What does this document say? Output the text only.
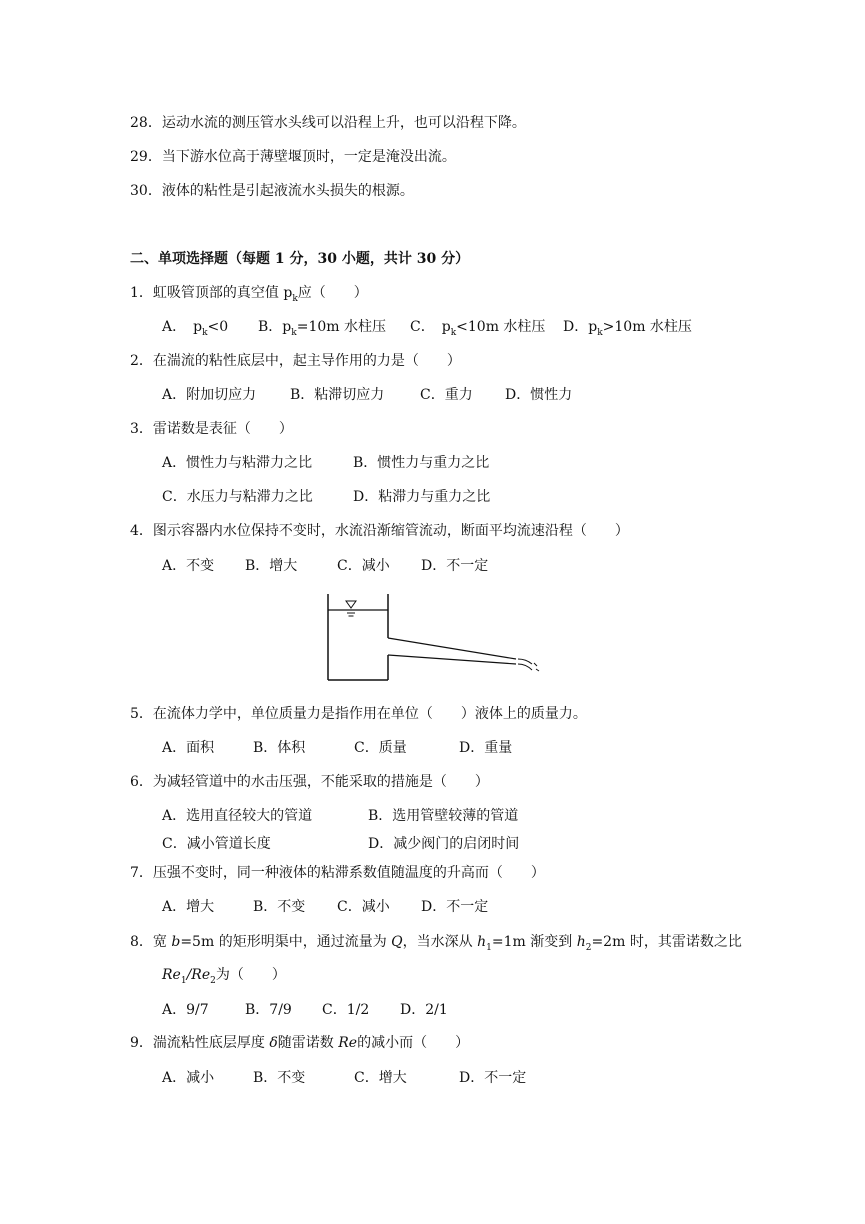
28．运动水流的测压管水头线可以沿程上升，也可以沿程下降。
29．当下游水位高于薄壁堰顶时，一定是淹没出流。
30．液体的粘性是引起液流水头损失的根源。
二、单项选择题（每题 1 分，30 小题，共计 30 分）
1．虹吸管顶部的真空值 $p_k$应（　　）
A．　$p_k<0$ B．$p_k=10m$ 水柱压 C．　$p_k<10m$ 水柱压 D．$p_k>10m$ 水柱压
2．在湍流的粘性底层中，起主导作用的力是（　　）
A．附加切应力 B．粘滞切应力	C．重力 D．惯性力
3．雷诺数是表征（　　）
A．惯性力与粘滞力之比	B．惯性力与重力之比
C．水压力与粘滞力之比	D．粘滞力与重力之比
4．图示容器内水位保持不变时，水流沿渐缩管流动，断面平均流速沿程（　　）
A．不变 B．增大	C．减小 D．不一定
5．在流体力学中，单位质量力是指作用在单位（　　）液体上的质量力。
A．面积	B．体积	C．质量	D．重量
6．为减轻管道中的水击压强，不能采取的措施是（　　）
A．选用直径较大的管道	B．选用管壁较薄的管道
C．减小管道长度	D．减少阀门的启闭时间
7．压强不变时，同一种液体的粘滞系数值随温度的升高而（　　）
A．增大	B．不变 C．减小 D．不一定
8．宽 b=5m 的矩形明渠中，通过流量为 Q，当水深从 $h_1=1m$ 渐变到 $h_2=2m$ 时，其雷诺数之比
$Re_1/Re_2$为（　　）
A．9/7	B．7/9 C．1/2 D．2/1
9．湍流粘性底层厚度 δ随雷诺数 Re的减小而（　　）
A．减小	B．不变	C．增大	D．不一定
